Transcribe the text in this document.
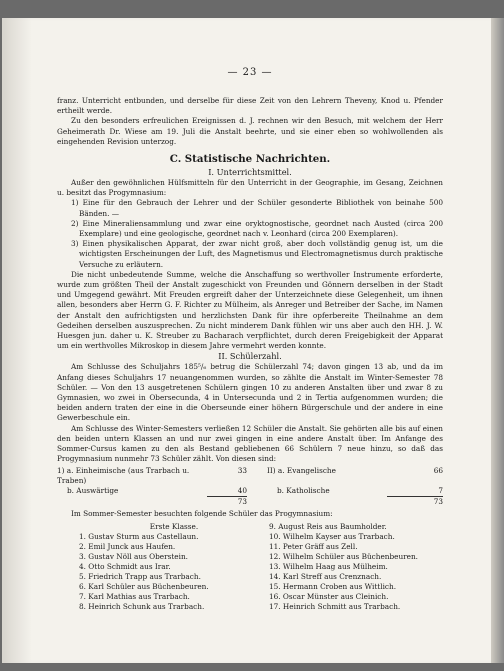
— 23 —

franz. Unterricht entbunden, und derselbe für diese Zeit von den Lehrern Theveny, Knod u. Pfender ertheilt werde.

Zu den besonders erfreulichen Ereignissen d. J. rechnen wir den Besuch, mit welchem der Herr Geheimerath Dr. Wiese am 19. Juli die Anstalt beehrte, und sie einer eben so wohlwollenden als eingehenden Revision unterzog.

C. Statistische Nachrichten.
I. Unterrichtsmittel.

Außer den gewöhnlichen Hülfsmitteln für den Unterricht in der Geographie, im Gesang, Zeichnen u. besitzt das Progymnasium:

1) Eine für den Gebrauch der Lehrer und der Schüler gesonderte Bibliothek von beinahe 500 Bänden. —

2) Eine Mineraliensammlung und zwar eine oryktognostische, geordnet nach Austed (circa 200 Exemplare) und eine geologische, geordnet nach v. Leonhard (circa 200 Exemplaren).

3) Einen physikalischen Apparat, der zwar nicht groß, aber doch vollständig genug ist, um die wichtigsten Erscheinungen der Luft, des Magnetismus und Electromagnetismus durch praktische Versuche zu erläutern.

Die nicht unbedeutende Summe, welche die Anschaffung so werthvoller Instrumente erforderte, wurde zum größten Theil der Anstalt zugeschickt von Freunden und Gönnern derselben in der Stadt und Umgegend gewährt. Mit Freuden ergreift daher der Unterzeichnete diese Gelegenheit, um ihnen allen, besonders aber Herrn G. F. Richter zu Mülheim, als Anreger und Betreiber der Sache, im Namen der Anstalt den aufrichtigsten und herzlichsten Dank für ihre opferbereite Theilnahme an dem Gedeihen derselben auszusprechen. Zu nicht minderem Dank fühlen wir uns aber auch den HH. J. W. Huesgen jun. daher u. K. Streuber zu Bacharach verpflichtet, durch deren Freigebigkeit der Apparat um ein werthvolles Mikroskop in diesem Jahre vermehrt werden konnte.

II. Schülerzahl.

Am Schlusse des Schuljahrs 185⁵/₆ betrug die Schülerzahl 74; davon gingen 13 ab, und da im Anfang dieses Schuljahrs 17 neuangenommen wurden, so zählte die Anstalt im Winter-Semester 78 Schüler. — Von den 13 ausgetretenen Schülern gingen 10 zu anderen Anstalten über und zwar 8 zu Gymnasien, wo zwei in Obersecunda, 4 in Untersecunda und 2 in Tertia aufgenommen wurden; die beiden andern traten der eine in die Oberseunde einer höhern Bürgerschule und der andere in eine Gewerbeschule ein.

Am Schlusse des Winter-Semesters verließen 12 Schüler die Anstalt. Sie gehörten alle bis auf einen den beiden untern Klassen an und nur zwei gingen in eine andere Anstalt über. Im Anfange des Sommer-Cursus kamen zu den als Bestand gebliebenen 66 Schülern 7 neue hinzu, so daß das Progymnasium nunmehr 73 Schüler zählt. Von diesen sind:

1) a. Einheimische (aus Trarbach u. Traben)	33		II) a. Evangelische	66
b. Auswärtige	40		b. Katholische	7
	73			73

Im Sommer-Semester besuchten folgende Schüler das Progymnasium:

Erste Klasse.	9. August Reis aus Baumholder.
1. Gustav Sturm aus Castellaun.	10. Wilhelm Kayser aus Trarbach.
2. Emil Junck aus Haufen.	11. Peter Gräff aus Zell.
3. Gustav Nöll aus Oberstein.	12. Wilhelm Schüler aus Büchenbeuren.
4. Otto Schmidt aus Irar.	13. Wilhelm Haag aus Mülheim.
5. Friedrich Trapp aus Trarbach.	14. Karl Streff aus Crenznach.
6. Karl Schüler aus Büchenbeuren.	15. Hermann Croben aus Wittlich.
7. Karl Mathias aus Trarbach.	16. Oscar Münster aus Cleinich.
8. Heinrich Schunk aus Trarbach.	17. Heinrich Schmitt aus Trarbach.
